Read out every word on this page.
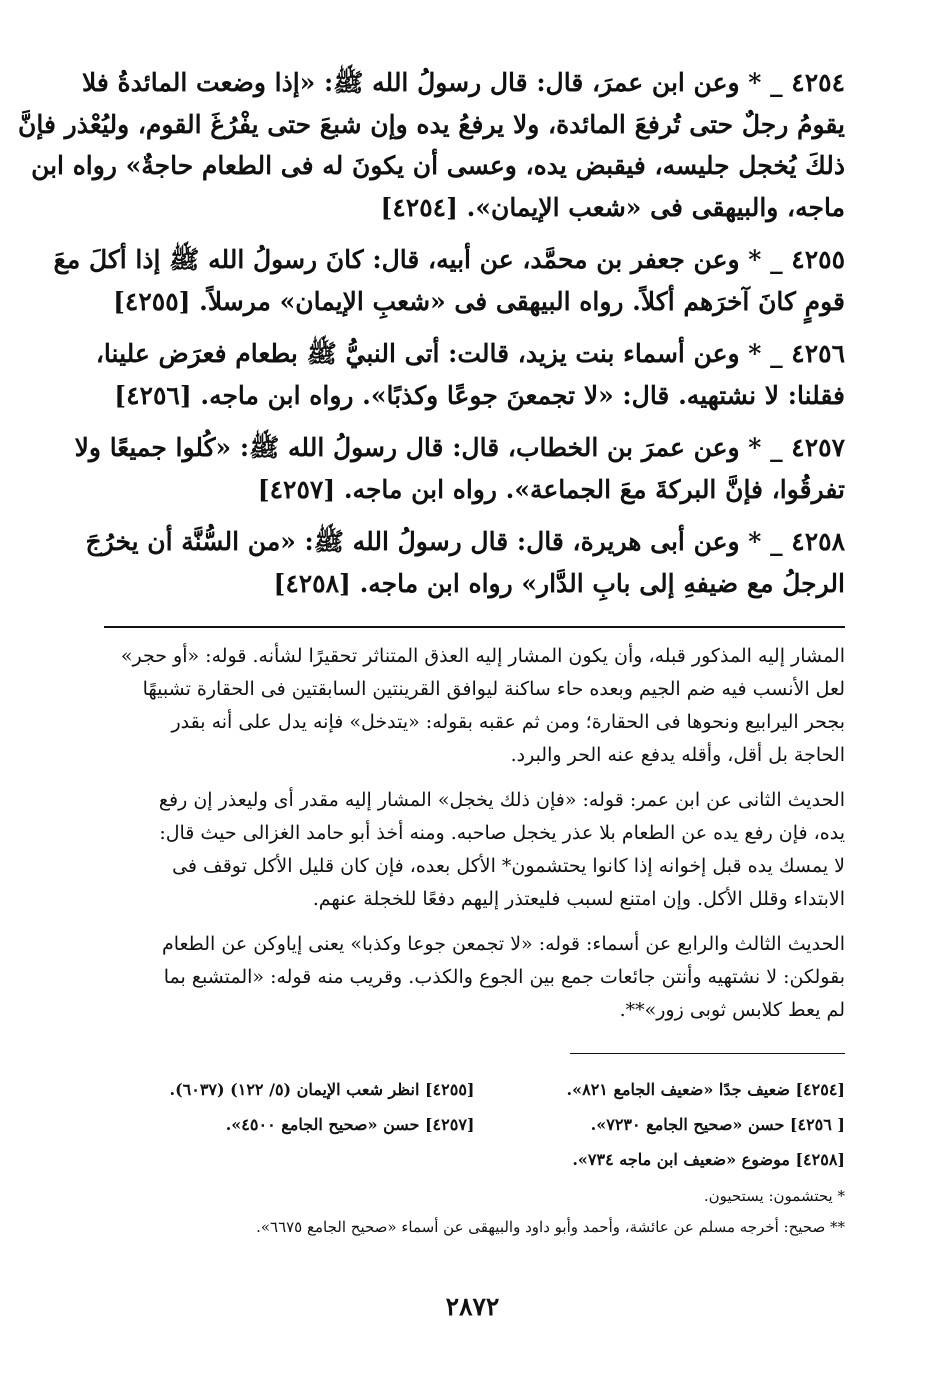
٤٢٥٤ _ * وعن ابن عمرَ، قال: قال رسولُ الله ﷺ: «إذا وضعت المائدةُ فلا
يقومُ رجلٌ حتى تُرفعَ المائدة، ولا يرفعُ يده وإن شبعَ حتى يفْرُغَ القوم، وليُعْذر فإنَّ
ذلكَ يُخجل جليسه، فيقبض يده، وعسى أن يكونَ له فى الطعام حاجةٌ» رواه ابن
ماجه، والبيهقى فى «شعب الإيمان». [٤٢٥٤]
٤٢٥٥ _ * وعن جعفر بن محمَّد، عن أبيه، قال: كانَ رسولُ الله ﷺ إذا أكلَ معَ
قومٍ كانَ آخرَهم أكلاً. رواه البيهقى فى «شعبِ الإيمان» مرسلاً. [٤٢٥٥]
٤٢٥٦ _ * وعن أسماء بنت يزيد، قالت: أتى النبيُّ ﷺ بطعام فعرَض علينا،
فقلنا: لا نشتهيه. قال: «لا تجمعنَ جوعًا وكذبًا». رواه ابن ماجه. [٤٢٥٦]
٤٢٥٧ _ * وعن عمرَ بن الخطاب، قال: قال رسولُ الله ﷺ: «كُلوا جميعًا ولا
تفرقُوا، فإنَّ البركةَ معَ الجماعة». رواه ابن ماجه. [٤٢٥٧]
٤٢٥٨ _ * وعن أبى هريرة، قال: قال رسولُ الله ﷺ: «من السُّنَّة أن يخرُجَ
الرجلُ مع ضيفهِ إلى بابِ الدَّار» رواه ابن ماجه. [٤٢٥٨]
المشار إليه المذكور قبله، وأن يكون المشار إليه العذق المتناثر تحقيرًا لشأنه. قوله: «أو حجر»
لعل الأنسب فيه ضم الجيم وبعده حاء ساكنة ليوافق القرينتين السابقتين فى الحقارة تشبيهًا
بجحر اليرابيع ونحوها فى الحقارة؛ ومن ثم عقبه بقوله: «يتدخل» فإنه يدل على أنه بقدر
الحاجة بل أقل، وأقله يدفع عنه الحر والبرد.
الحديث الثانى عن ابن عمر: قوله: «فإن ذلك يخجل» المشار إليه مقدر أى وليعذر إن رفع
يده، فإن رفع يده عن الطعام بلا عذر يخجل صاحبه. ومنه أخذ أبو حامد الغزالى حيث قال:
لا يمسك يده قبل إخوانه إذا كانوا يحتشمون* الأكل بعده، فإن كان قليل الأكل توقف فى
الابتداء وقلل الأكل. وإن امتنع لسبب فليعتذر إليهم دفعًا للخجلة عنهم.
الحديث الثالث والرابع عن أسماء: قوله: «لا تجمعن جوعا وكذبا» يعنى إياوكن عن الطعام
بقولكن: لا نشتهيه وأنتن جائعات جمع بين الجوع والكذب. وقريب منه قوله: «المتشبع بما
لم يعط كلابس ثوبى زور»**.
[٤٢٥٤] ضعيف جدًا «ضعيف الجامع ٨٢١».
[٤٢٥٥] انظر شعب الإيمان (٥/ ١٢٢) (٦٠٣٧).
[ ٤٢٥٦] حسن «صحيح الجامع ٧٢٣٠».
[٤٢٥٧] حسن «صحيح الجامع ٤٥٠٠».
[٤٢٥٨] موضوع «ضعيف ابن ماجه ٧٣٤».
* يحتشمون: يستحيون.
** صحيح: أخرجه مسلم عن عائشة، وأحمد وأبو داود والبيهقى عن أسماء «صحيح الجامع ٦٦٧٥».
٢٨٧٢
